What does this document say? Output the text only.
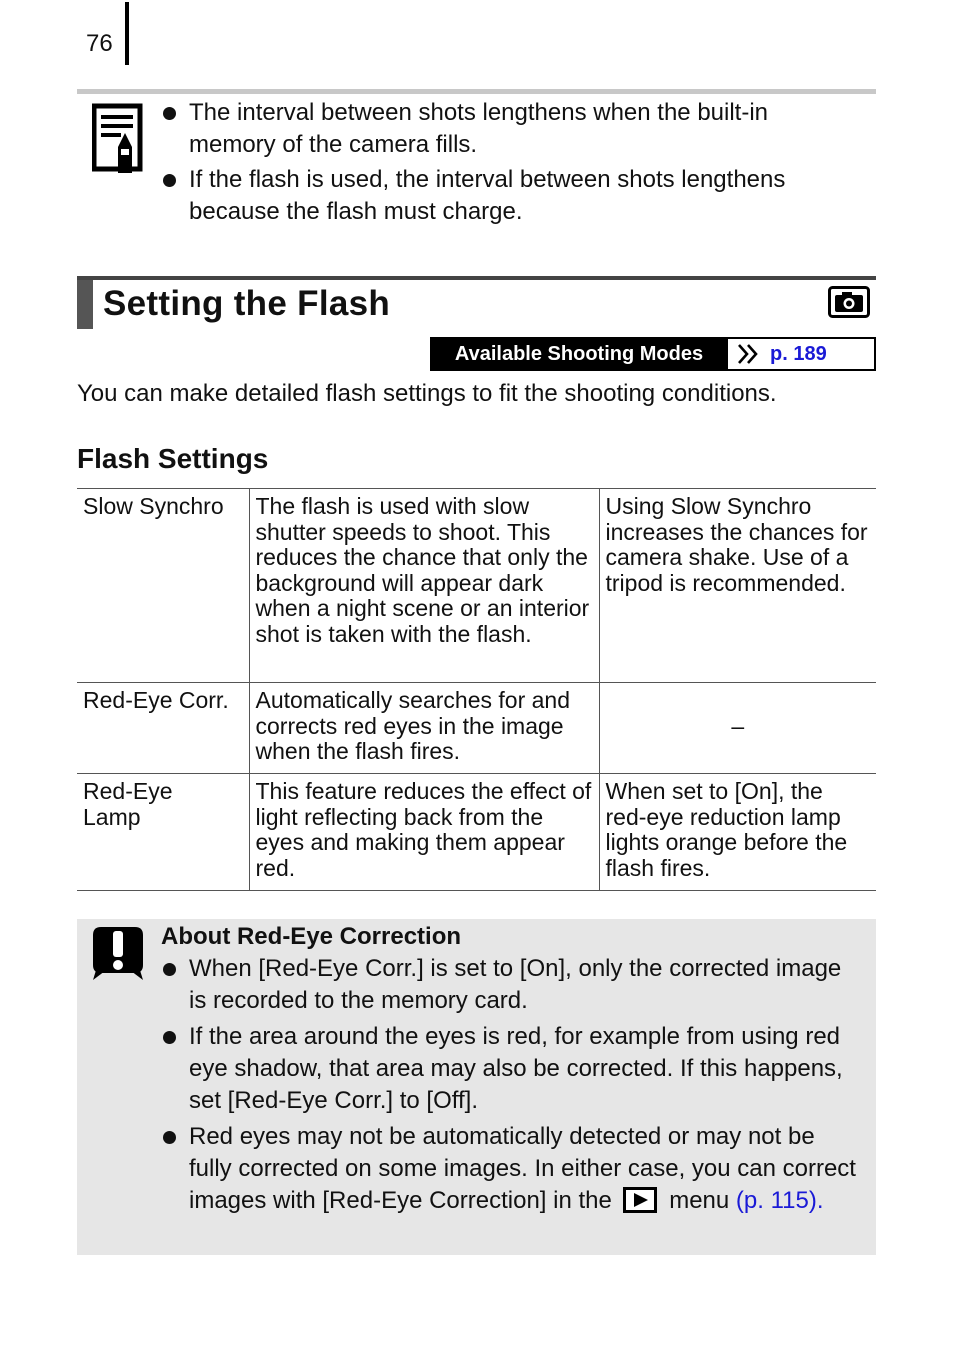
76
The interval between shots lengthens when the built-in memory of the camera fills.
If the flash is used, the interval between shots lengthens because the flash must charge.
Setting the Flash
Available Shooting Modes	p. 189
You can make detailed flash settings to fit the shooting conditions.
Flash Settings
Slow Synchro	The flash is used with slow shutter speeds to shoot. This reduces the chance that only the background will appear dark when a night scene or an interior shot is taken with the flash.	Using Slow Synchro increases the chances for camera shake. Use of a tripod is recommended.
Red-Eye Corr.	Automatically searches for and corrects red eyes in the image when the flash fires.	–
Red-Eye Lamp	This feature reduces the effect of light reflecting back from the eyes and making them appear red.	When set to [On], the red-eye reduction lamp lights orange before the flash fires.
About Red-Eye Correction
When [Red-Eye Corr.] is set to [On], only the corrected image is recorded to the memory card.
If the area around the eyes is red, for example from using red eye shadow, that area may also be corrected. If this happens, set [Red-Eye Corr.] to [Off].
Red eyes may not be automatically detected or may not be fully corrected on some images. In either case, you can correct images with [Red-Eye Correction] in the menu (p. 115).
